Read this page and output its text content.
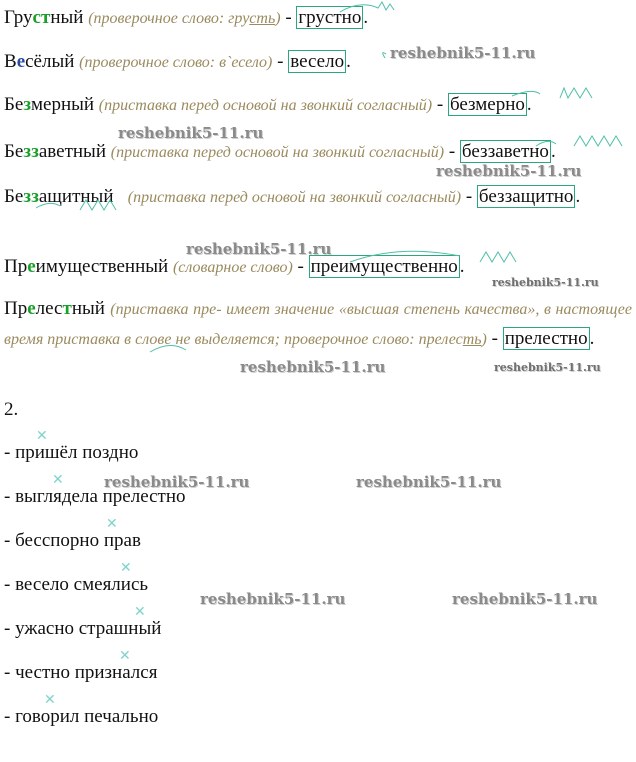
Грустный (проверочное слово: грусть) - грустно .
Весёлый (проверочное слово: в`есело) - весело .
Безмерный (приставка перед основой на звонкий согласный) - безмерно .
Беззаветный (приставка перед основой на звонкий согласный) - беззаветно .
Беззащитный (приставка перед основой на звонкий согласный) - беззащитно .
Преимущественный (словарное слово) - преимущественно .
Прелестный (приставка пре- имеет значение «высшая степень качества», в настоящее время приставка в слове не выделяется; проверочное слово: прелесть) - прелестно .
2.
- пришёл поздно
- выглядела прелестно
- бесспорно прав
- весело смеялись
- ужасно страшный
- честно признался
- говорил печально
✕
✕
✕
✕
✕
✕
✕
reshebnik5-11.ru
reshebnik5-11.ru
reshebnik5-11.ru
reshebnik5-11.ru
reshebnik5-11.ru
reshebnik5-11.ru	reshebnik5-11.ru
reshebnik5-11.ru	reshebnik5-11.ru
reshebnik5-11.ru	reshebnik5-11.ru
